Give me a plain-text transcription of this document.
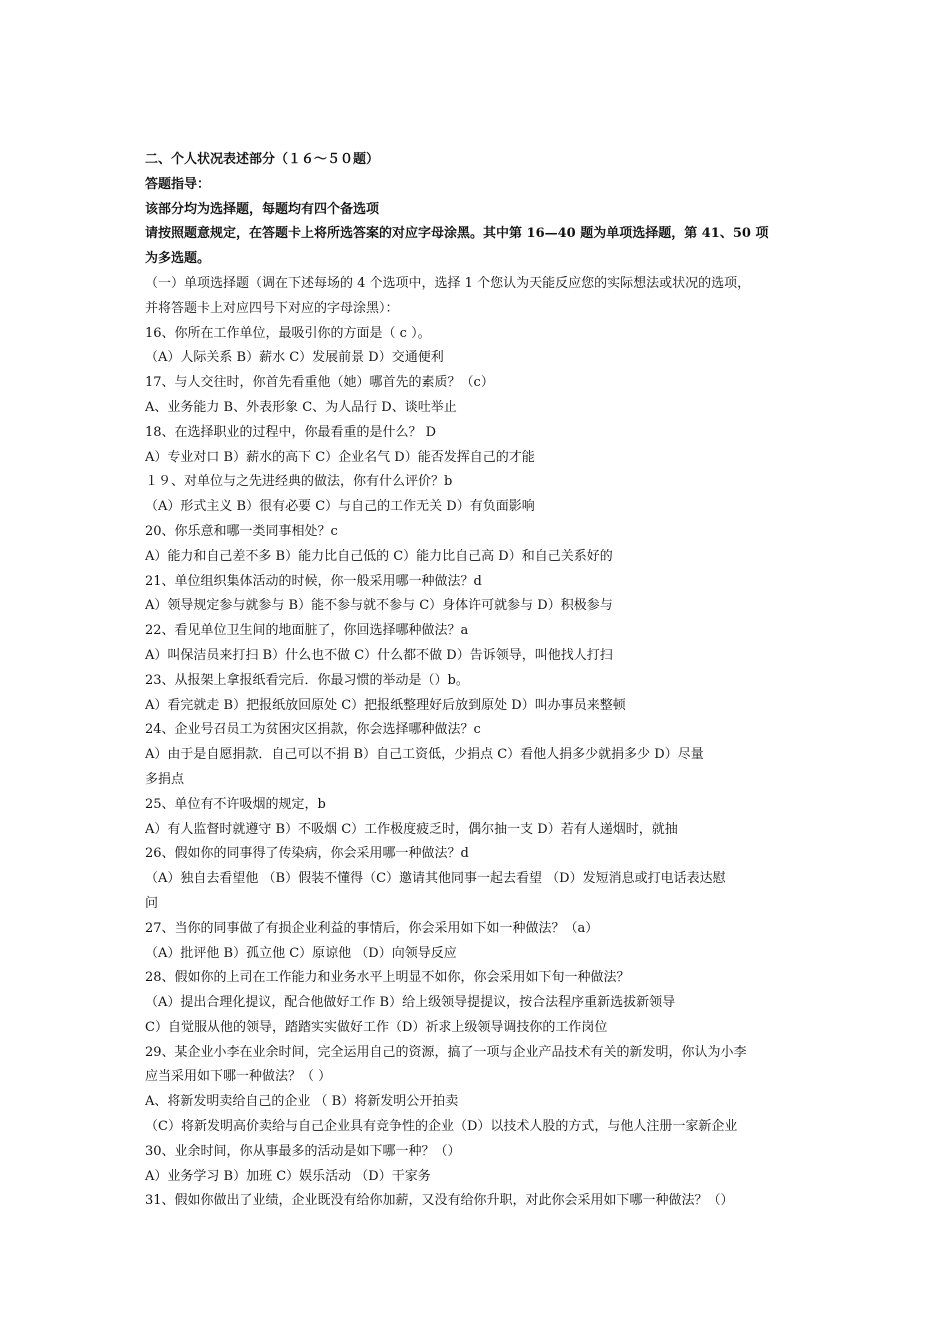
二、个人状况表述部分（１６～５０题）
答题指导：
该部分均为选择题，每题均有四个备选项
请按照题意规定，在答题卡上将所选答案的对应字母涂黑。其中第 16—40 题为单项选择题，第 41、50 项
为多选题。
（一）单项选择题（调在下述每场的 4 个选项中，选择 1 个您认为天能反应您的实际想法或状况的选项，
并将答题卡上对应四号下对应的字母涂黑）：
16、你所在工作单位，最吸引你的方面是（ c ）。
（A）人际关系 B）薪水 C）发展前景 D）交通便利
17、与人交往时，你首先看重他（她）哪首先的素质？（c）
A、业务能力 B、外表形象 C、为人品行 D、谈吐举止
18、在选择职业的过程中，你最看重的是什么？ D
A）专业对口 B）薪水的高下 C）企业名气 D）能否发挥自己的才能
１９、对单位与之先进经典的做法，你有什么评价？b
（A）形式主义 B）很有必要 C）与自己的工作无关 D）有负面影响
20、你乐意和哪一类同事相处？c
A）能力和自己差不多 B）能力比自己低的 C）能力比自己高 D）和自己关系好的
21、单位组织集体活动的时候，你一般采用哪一种做法？d
A）领导规定参与就参与 B）能不参与就不参与 C）身体许可就参与 D）积极参与
22、看见单位卫生间的地面脏了，你回选择哪种做法？a
A）叫保洁员来打扫 B）什么也不做 C）什么都不做 D）告诉领导，叫他找人打扫
23、从报架上拿报纸看完后．你最习惯的举动是（）b。
A）看完就走 B）把报纸放回原处 C）把报纸整理好后放到原处 D）叫办事员来整顿
24、企业号召员工为贫困灾区捐款，你会选择哪种做法？c
A）由于是自愿捐款．自己可以不捐 B）自己工资低，少捐点 C）看他人捐多少就捐多少 D）尽量
多捐点
25、单位有不许吸烟的规定，b
A）有人监督时就遵守 B）不吸烟 C）工作极度疲乏时，偶尔抽一支 D）若有人递烟时，就抽
26、假如你的同事得了传染病，你会采用哪一种做法？d
（A）独自去看望他 （B）假装不懂得（C）邀请其他同事一起去看望 （D）发短消息或打电话表达慰
问
27、当你的同事做了有损企业利益的事情后，你会采用如下如一种做法？（a）
（A）批评他 B）孤立他 C）原谅他 （D）向领导反应
28、假如你的上司在工作能力和业务水平上明显不如你，你会采用如下旬一种做法？
（A）提出合理化提议，配合他做好工作 B）给上级领导提提议，按合法程序重新选拔新领导
C）自觉服从他的领导，踏踏实实做好工作（D）祈求上级领导调技你的工作岗位
29、某企业小李在业余时间，完全运用自己的资源，搞了一项与企业产品技术有关的新发明，你认为小李
应当采用如下哪一种做法？（ ）
A、将新发明卖给自己的企业 （ B）将新发明公开拍卖
（C）将新发明高价卖给与自己企业具有竞争性的企业（D）以技术人股的方式，与他人注册一家新企业
30、业余时间，你从事最多的活动是如下哪一种？（）
A）业务学习 B）加班 C）娱乐活动 （D）干家务
31、假如你做出了业绩，企业既没有给你加薪，又没有给你升职，对此你会采用如下哪一种做法？（）
